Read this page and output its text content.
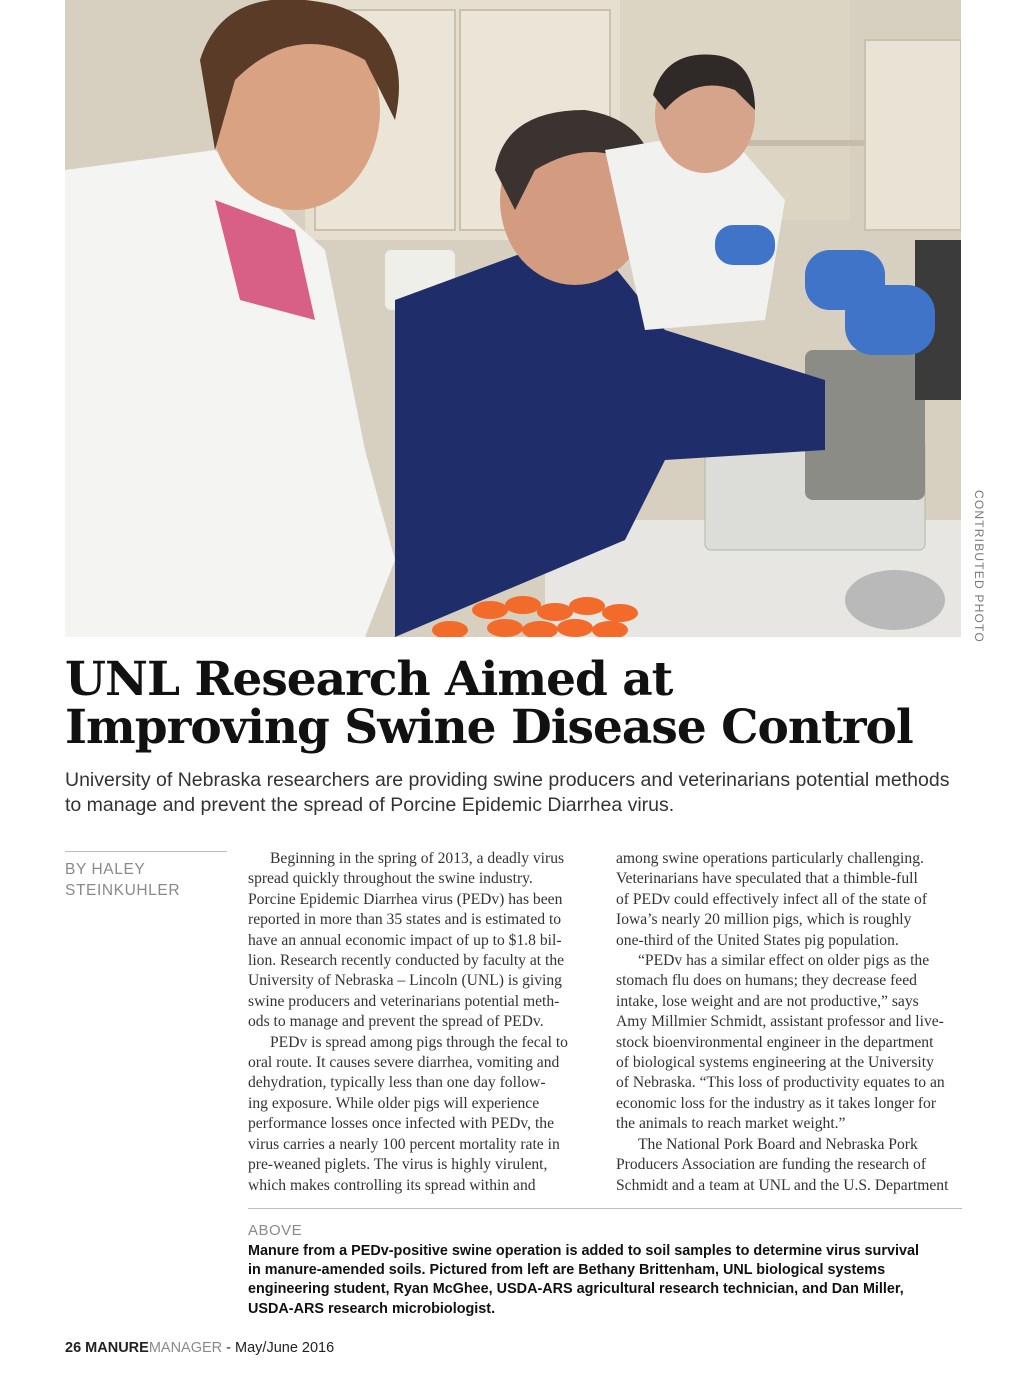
CONTRIBUTED PHOTO
UNL Research Aimed at
Improving Swine Disease Control

University of Nebraska researchers are providing swine producers and veterinarians potential methods to manage and prevent the spread of Porcine Epidemic Diarrhea virus.

BY HALEY
STEINKUHLER

Beginning in the spring of 2013, a deadly virus

spread quickly throughout the swine industry.
Porcine Epidemic Diarrhea virus (PEDv) has been
reported in more than 35 states and is estimated to
have an annual economic impact of up to $1.8 bil-
lion. Research recently conducted by faculty at the
University of Nebraska – Lincoln (UNL) is giving
swine producers and veterinarians potential meth-
ods to manage and prevent the spread of PEDv.

PEDv is spread among pigs through the fecal to

oral route. It causes severe diarrhea, vomiting and
dehydration, typically less than one day follow-
ing exposure. While older pigs will experience
performance losses once infected with PEDv, the
virus carries a nearly 100 percent mortality rate in
pre-weaned piglets. The virus is highly virulent,
which makes controlling its spread within and
among swine operations particularly challenging.
Veterinarians have speculated that a thimble-full
of PEDv could effectively infect all of the state of
Iowa’s nearly 20 million pigs, which is roughly
one-third of the United States pig population.

“PEDv has a similar effect on older pigs as the

stomach flu does on humans; they decrease feed
intake, lose weight and are not productive,” says
Amy Millmier Schmidt, assistant professor and live-
stock bioenvironmental engineer in the department
of biological systems engineering at the University
of Nebraska. “This loss of productivity equates to an
economic loss for the industry as it takes longer for
the animals to reach market weight.”

The National Pork Board and Nebraska Pork

Producers Association are funding the research of
Schmidt and a team at UNL and the U.S. Department
ABOVE
Manure from a PEDv-positive swine operation is added to soil samples to determine virus survival
in manure-amended soils. Pictured from left are Bethany Brittenham, UNL biological systems
engineering student, Ryan McGhee, USDA-ARS agricultural research technician, and Dan Miller,
USDA-ARS research microbiologist.
26 MANUREMANAGER - May/June 2016
